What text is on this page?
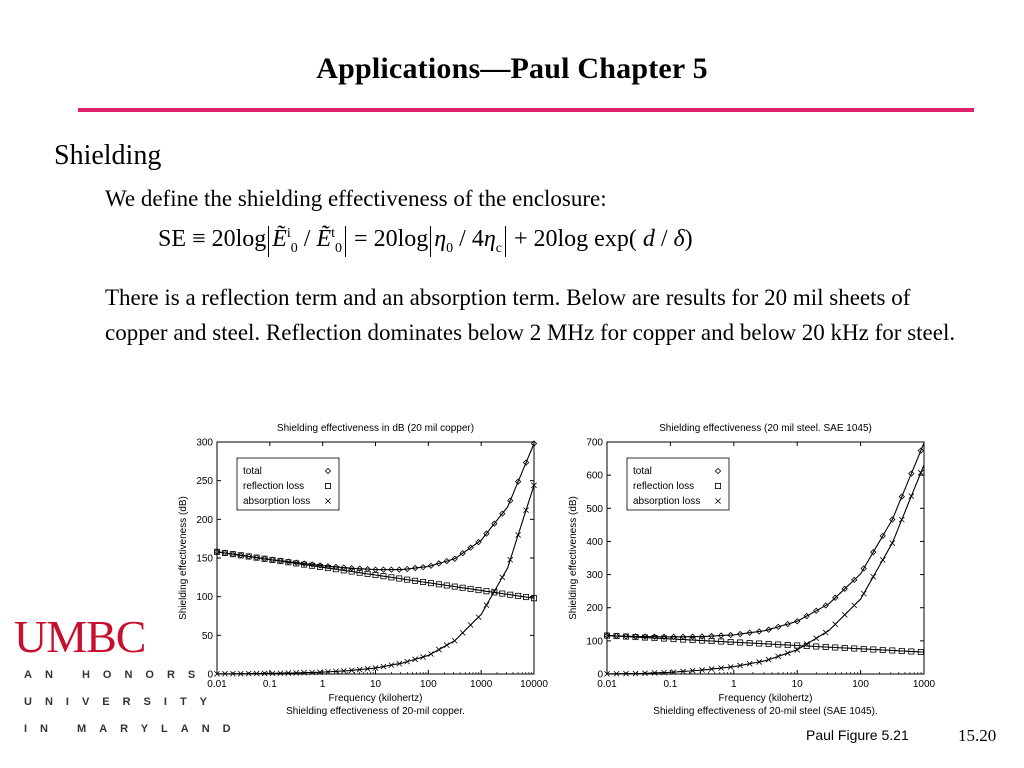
Applications—Paul Chapter 5
Shielding
We define the shielding effectiveness of the enclosure:
SE ≡ 20log Ẽ$^i_0$ / Ẽ$^t_0$ = 20log $\eta_0 / 4\eta_c + 20\log$ exp( d / δ)
There is a reflection term and an absorption term. Below are results for 20 mil sheets of copper and steel. Reflection dominates below 2 MHz for copper and below 20 kHz for steel.
Shielding effectiveness in dB (20 mil copper)
0.01	0.1	1	10	100	1000	10000
0
50
100
150
200
250
300
Frequency (kilohertz)
Shielding effectiveness (dB)
Shielding effectiveness of 20-mil copper.
total
reflection loss
absorption loss
Shielding effectiveness (20 mil steel. SAE 1045)
0.01	0.1	1	10	100	1000
0
100
200
300
400
500
600
700
Frequency (kilohertz)
Shielding effectiveness (dB)
Shielding effectiveness of 20-mil steel (SAE 1045).
total
reflection loss
absorption loss
UMBC
AN HONORS
UNIVERSITY
IN MARYLAND	Paul Figure 5.21	15.20
